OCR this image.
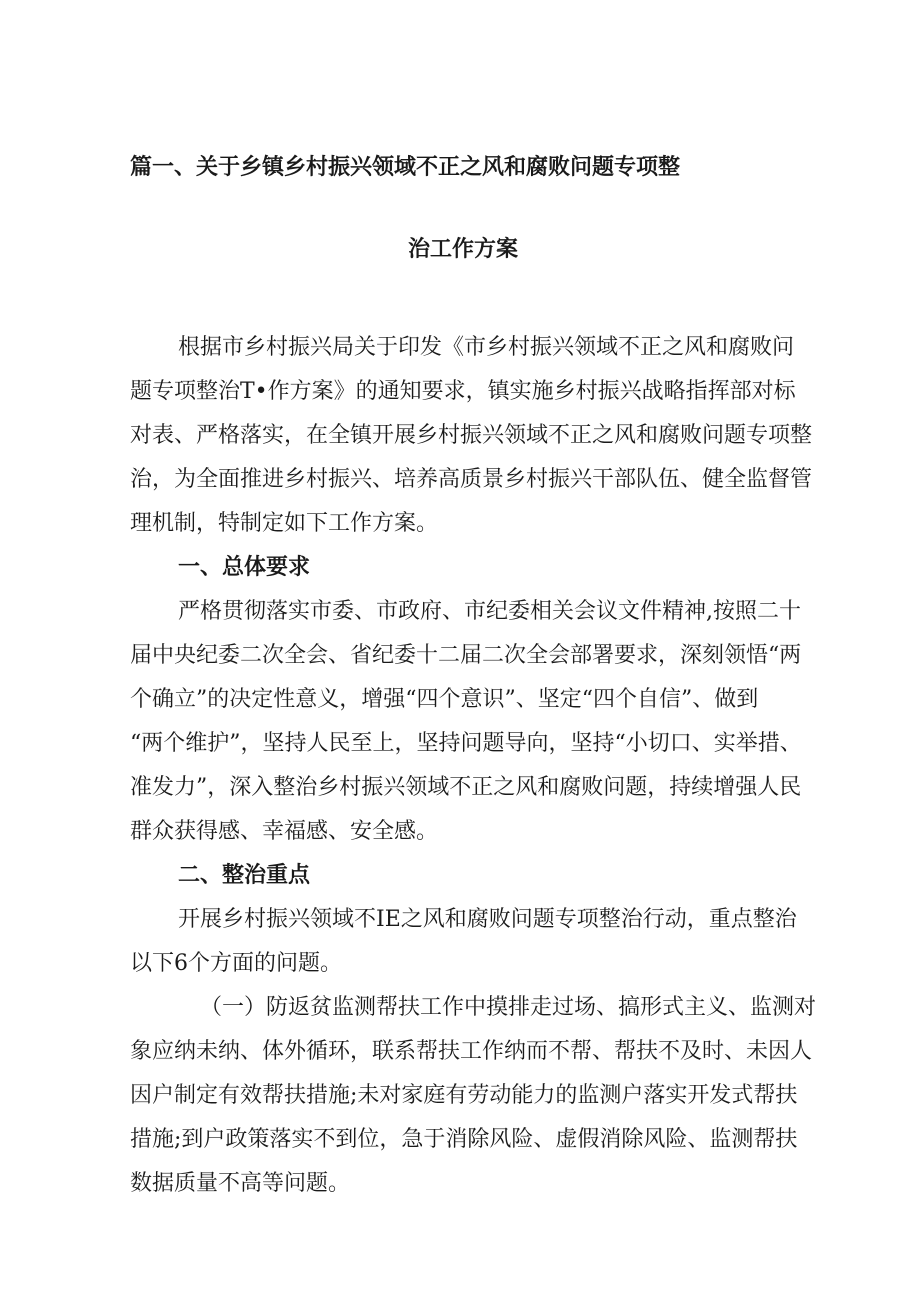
篇一、关于乡镇乡村振兴领域不正之风和腐败问题专项整
治工作方案
根据市乡村振兴局关于印发《市乡村振兴领域不正之风和腐败问
题专项整治T•作方案》的通知要求，镇实施乡村振兴战略指挥部对标
对表、严格落实，在全镇开展乡村振兴领域不正之风和腐败问题专项整
治，为全面推进乡村振兴、培养高质景乡村振兴干部队伍、健全监督管
理机制，特制定如下工作方案。
一、总体要求
严格贯彻落实市委、市政府、市纪委相关会议文件精神,按照二十
届中央纪委二次全会、省纪委十二届二次全会部署要求，深刻领悟“两
个确立”的决定性意义，增强“四个意识”、坚定“四个自信”、做到
“两个维护”，坚持人民至上，坚持问题导向，坚持“小切口、实举措、
准发力”，深入整治乡村振兴领域不正之风和腐败问题，持续增强人民
群众获得感、幸福感、安全感。
二、整治重点
开展乡村振兴领域不IE之风和腐败问题专项整治行动，重点整治
以下6个方面的问题。
（一）防返贫监测帮扶工作中摸排走过场、搞形式主义、监测对
象应纳未纳、体外循环，联系帮扶工作纳而不帮、帮扶不及时、未因人
因户制定有效帮扶措施;未对家庭有劳动能力的监测户落实开发式帮扶
措施;到户政策落实不到位，急于消除风险、虚假消除风险、监测帮扶
数据质量不高等问题。
